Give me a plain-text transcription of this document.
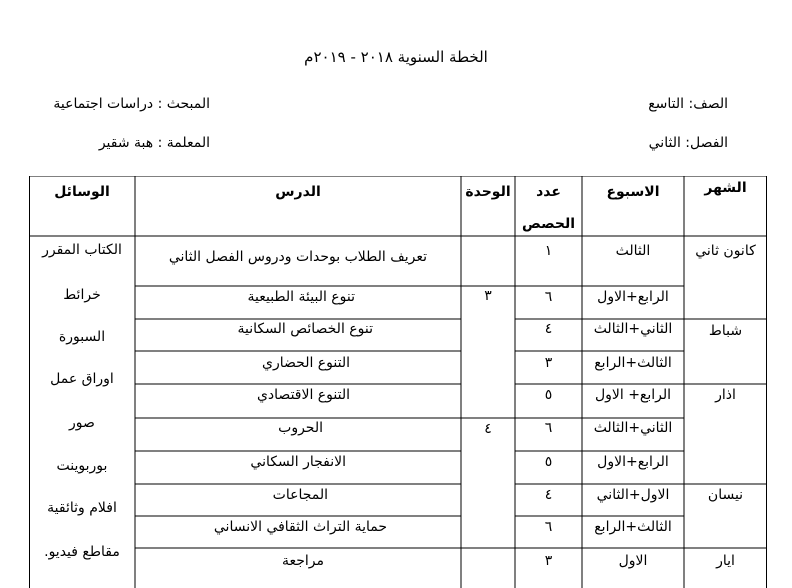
الخطة السنوية ٢٠١٨ - ٢٠١٩م
الصف: التاسع
المبحث : دراسات اجتماعية
الفصل: الثاني
المعلمة : هبة شقير
الشهر
الاسبوع
عدد
الحصص
الوحدة
الدرس
الوسائل
كانون ثاني
شباط
اذار
نيسان
ايار
٣
٤
الثالث
١
تعريف الطلاب بوحدات ودروس الفصل الثاني
الرابع+الاول
٦
تنوع البيئة الطبيعية
الثاني+الثالث
٤
تنوع الخصائص السكانية
الثالث+الرابع
٣
التنوع الحضاري
الرابع+ الاول
٥
التنوع الاقتصادي
الثاني+الثالث
٦
الحروب
الرابع+الاول
٥
الانفجار السكاني
الاول+الثاني
٤
المجاعات
الثالث+الرابع
٦
حماية التراث الثقافي الانساني
الاول
٣
مراجعة
الكتاب المقرر
خرائط
السبورة
اوراق عمل
صور
بوربوينت
افلام وثائقية
مقاطع فيديو.
